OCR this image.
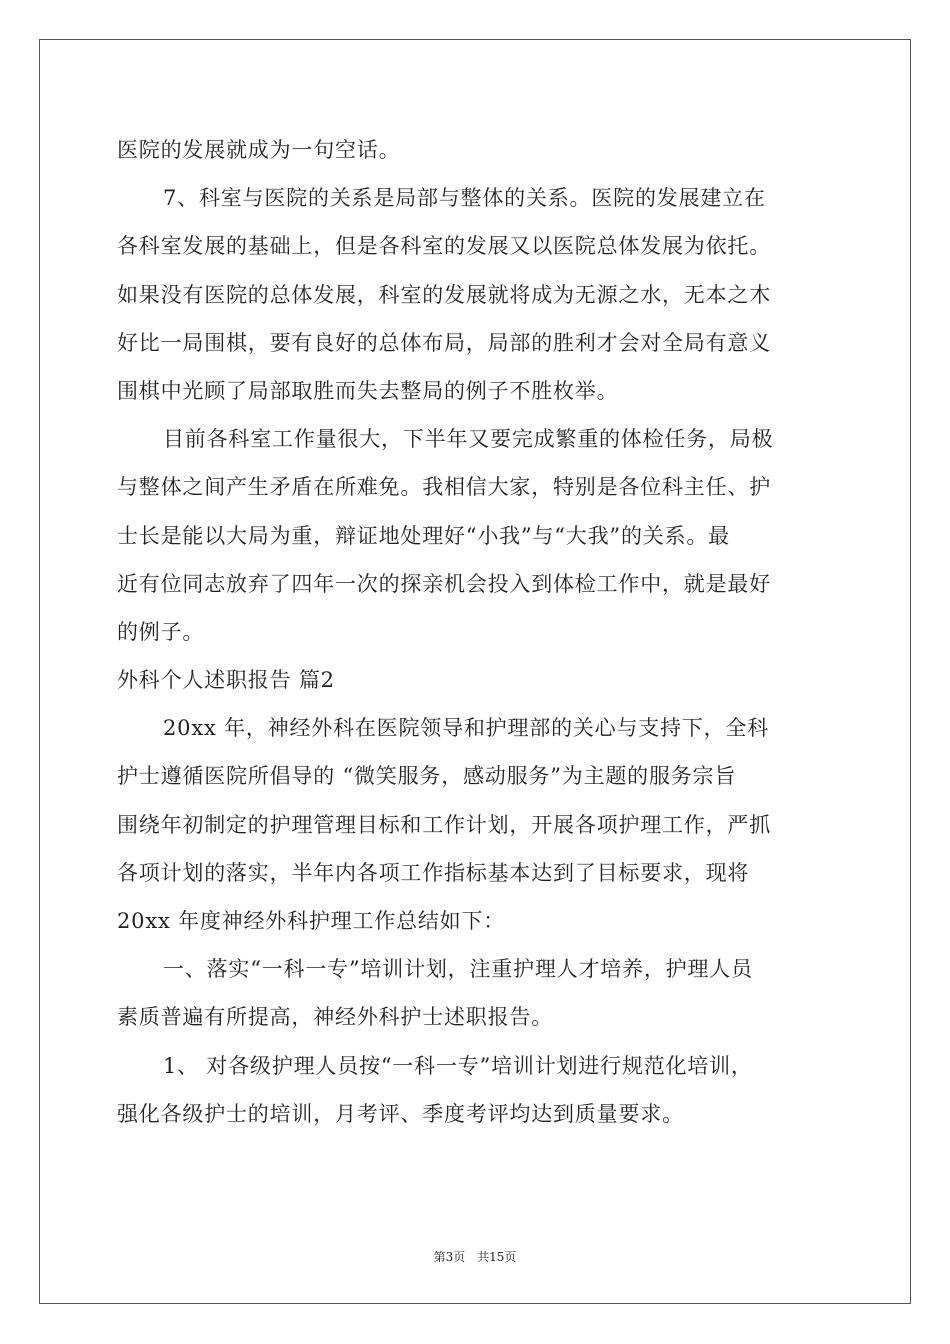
医院的发展就成为一句空话。
7、科室与医院的关系是局部与整体的关系。医院的发展建立在
各科室发展的基础上，但是各科室的发展又以医院总体发展为依托。
如果没有医院的总体发展，科室的发展就将成为无源之水，无本之木
好比一局围棋，要有良好的总体布局，局部的胜利才会对全局有意义
围棋中光顾了局部取胜而失去整局的例子不胜枚举。
目前各科室工作量很大，下半年又要完成繁重的体检任务，局极
与整体之间产生矛盾在所难免。我相信大家，特别是各位科主任、护
士长是能以大局为重，辩证地处理好“小我”与“大我”的关系。最
近有位同志放弃了四年一次的探亲机会投入到体检工作中，就是最好
的例子。
外科个人述职报告 篇2
20xx 年，神经外科在医院领导和护理部的关心与支持下，全科
护士遵循医院所倡导的 “微笑服务，感动服务”为主题的服务宗旨
围绕年初制定的护理管理目标和工作计划，开展各项护理工作，严抓
各项计划的落实，半年内各项工作指标基本达到了目标要求，现将
20xx 年度神经外科护理工作总结如下：
一、落实“一科一专”培训计划，注重护理人才培养，护理人员
素质普遍有所提高，神经外科护士述职报告。
1、 对各级护理人员按“一科一专”培训计划进行规范化培训，
强化各级护士的培训，月考评、季度考评均达到质量要求。
第3页 共15页
